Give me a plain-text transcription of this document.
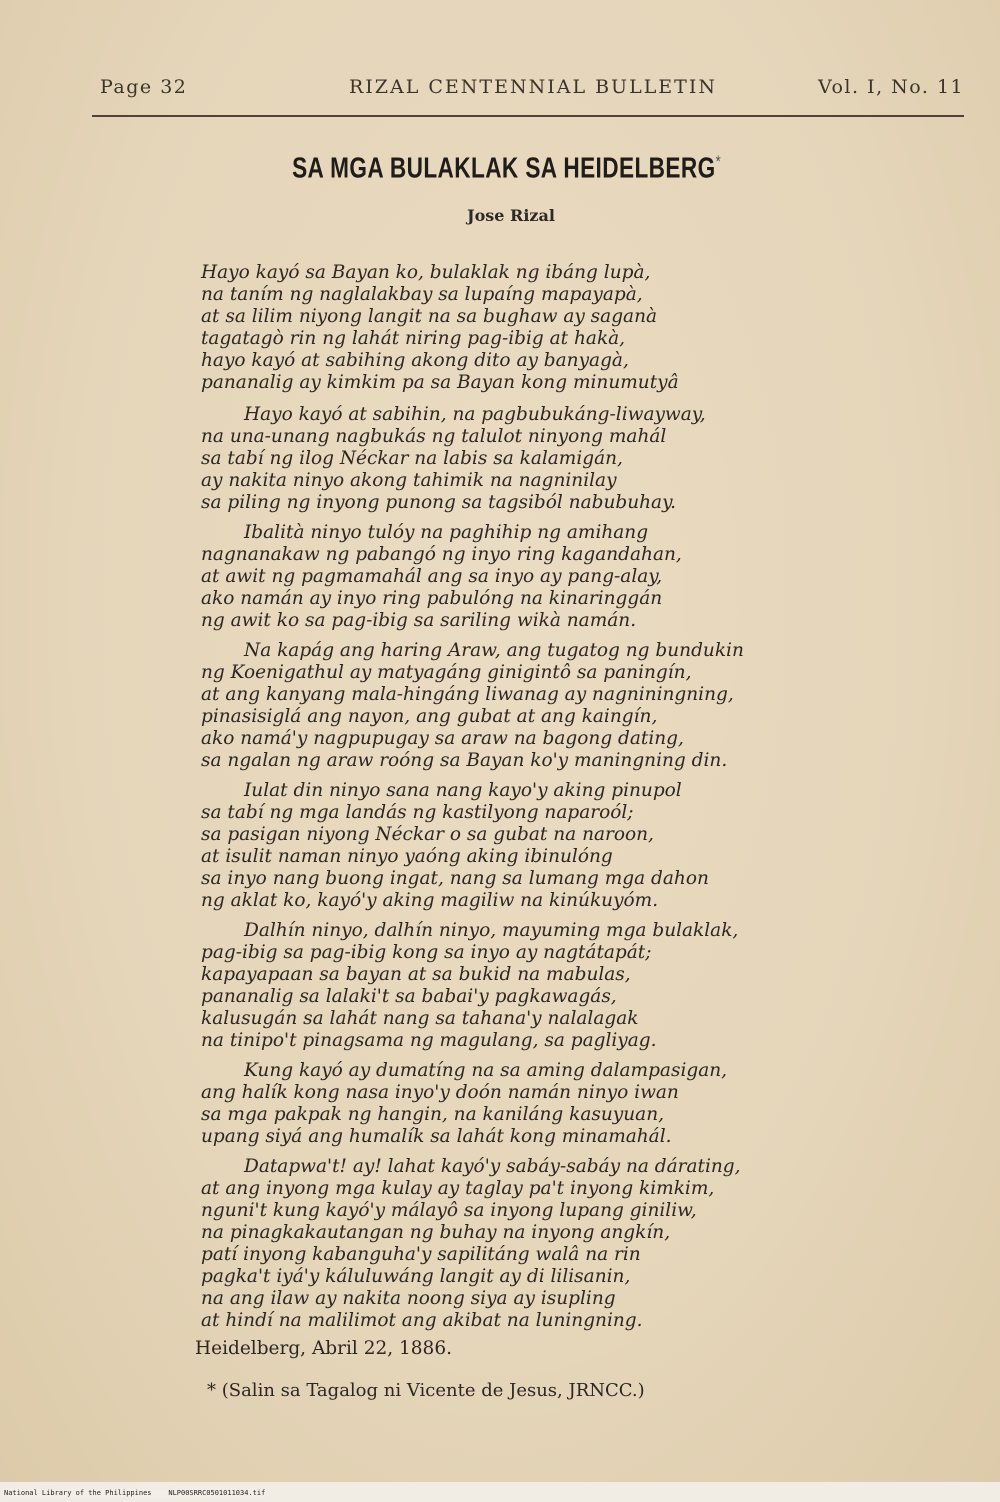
Page 32	RIZAL CENTENNIAL BULLETIN	Vol. I, No. 11
SA MGA BULAKLAK SA HEIDELBERG*
Jose Rizal
Hayo kayó sa Bayan ko, bulaklak ng ibáng lupà,
na taním ng naglalakbay sa lupaíng mapayapà,
at sa lilim niyong langit na sa bughaw ay saganà
tagatagò rin ng lahát niring pag-ibig at hakà,
hayo kayó at sabihing akong dito ay banyagà,
pananalig ay kimkim pa sa Bayan kong minumutyâ
Hayo kayó at sabihin, na pagbubukáng-liwayway,
na una-unang nagbukás ng talulot ninyong mahál
sa tabí ng ilog Néckar na labis sa kalamigán,
ay nakita ninyo akong tahimik na nagninilay
sa piling ng inyong punong sa tagsiból nabubuhay.
Ibalità ninyo tulóy na paghihip ng amihang
nagnanakaw ng pabangó ng inyo ring kagandahan,
at awit ng pagmamahál ang sa inyo ay pang-alay,
ako namán ay inyo ring pabulóng na kinaringgán
ng awit ko sa pag-ibig sa sariling wikà namán.
Na kapág ang haring Araw, ang tugatog ng bundukin
ng Koenigathul ay matyagáng ginigintô sa paningín,
at ang kanyang mala-hingáng liwanag ay nagniningning,
pinasisiglá ang nayon, ang gubat at ang kaingín,
ako namá'y nagpupugay sa araw na bagong dating,
sa ngalan ng araw roóng sa Bayan ko'y maningning din.
Iulat din ninyo sana nang kayo'y aking pinupol
sa tabí ng mga landás ng kastilyong naparoól;
sa pasigan niyong Néckar o sa gubat na naroon,
at isulit naman ninyo yaóng aking ibinulóng
sa inyo nang buong ingat, nang sa lumang mga dahon
ng aklat ko, kayó'y aking magiliw na kinúkuyóm.
Dalhín ninyo, dalhín ninyo, mayuming mga bulaklak,
pag-ibig sa pag-ibig kong sa inyo ay nagtátapát;
kapayapaan sa bayan at sa bukid na mabulas,
pananalig sa lalaki't sa babai'y pagkawagás,
kalusugán sa lahát nang sa tahana'y nalalagak
na tinipo't pinagsama ng magulang, sa pagliyag.
Kung kayó ay dumatíng na sa aming dalampasigan,
ang halík kong nasa inyo'y doón namán ninyo iwan
sa mga pakpak ng hangin, na kaniláng kasuyuan,
upang siyá ang humalík sa lahát kong minamahál.
Datapwa't! ay! lahat kayó'y sabáy-sabáy na dárating,
at ang inyong mga kulay ay taglay pa't inyong kimkim,
nguni't kung kayó'y málayô sa inyong lupang giniliw,
na pinagkakautangan ng buhay na inyong angkín,
patí inyong kabanguha'y sapilitáng walâ na rin
pagka't iyá'y káluluwáng langit ay di lilisanin,
na ang ilaw ay nakita noong siya ay isupling
at hindí na malilimot ang akibat na luningning.
Heidelberg, Abril 22, 1886.
* (Salin sa Tagalog ni Vicente de Jesus, JRNCC.)
National Library of the Philippines    NLP00SRRC0501011034.tif
